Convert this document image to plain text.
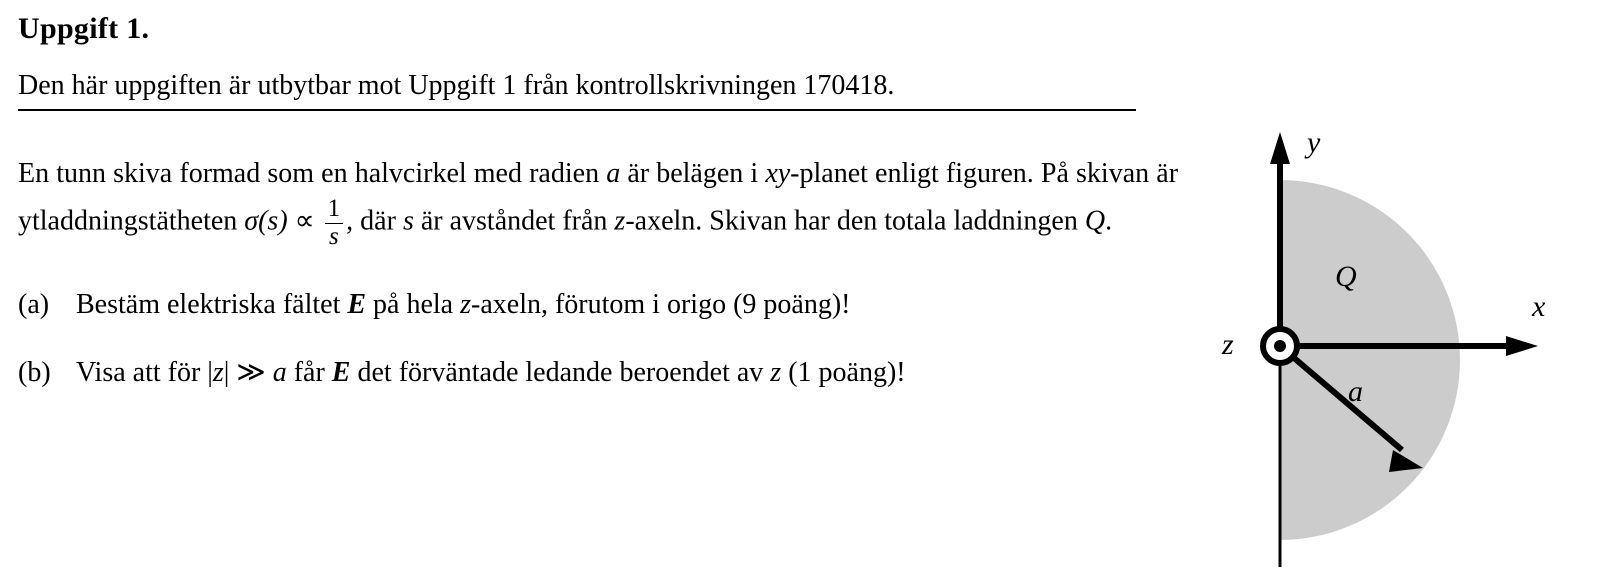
Uppgift 1.
Den här uppgiften är utbytbar mot Uppgift 1 från kontrollskrivningen 170418.
En tunn skiva formad som en halvcirkel med radien a är belägen i xy-planet enligt figuren. På skivan är ytladdningstätheten $\sigma(s) \propto \frac{1}{s}$ , där s är avståndet från z-axeln. Skivan har den totala laddningen Q.
(a) Bestäm elektriska fältet E på hela z-axeln, förutom i origo (9 poäng)!
(b) Visa att för |z| ≫ a får E det förväntade ledande beroendet av z (1 poäng)!
y
x
z
Q
a
